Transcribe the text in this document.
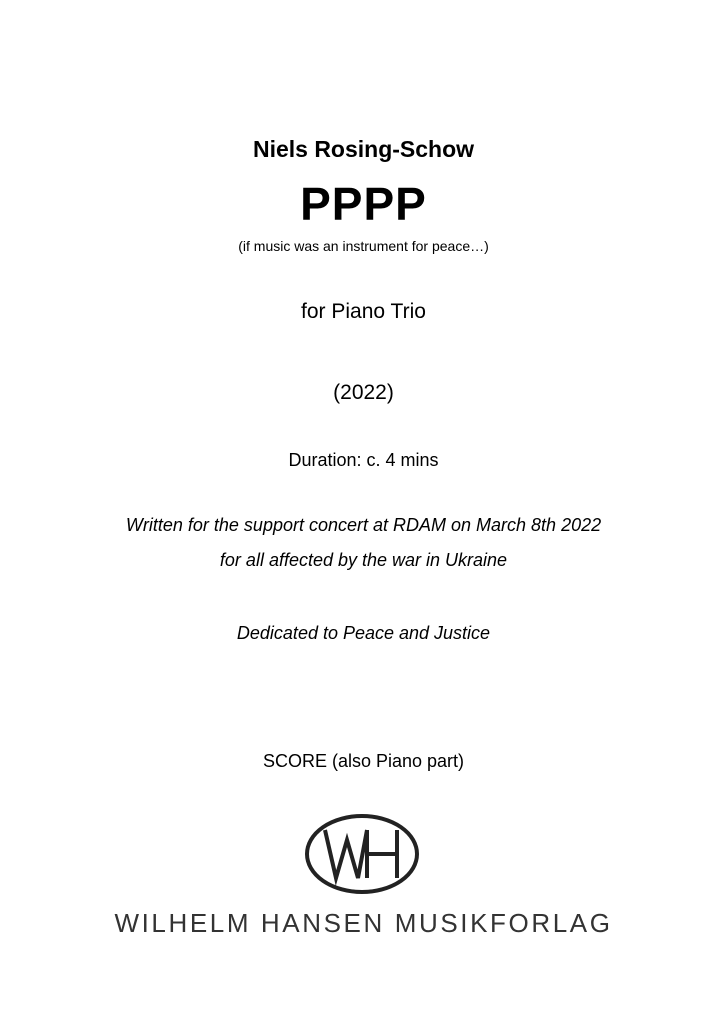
Niels Rosing-Schow
PPPP
(if music was an instrument for peace…)
for Piano Trio
(2022)
Duration: c. 4 mins
Written for the support concert at RDAM on March 8th 2022
for all affected by the war in Ukraine
Dedicated to Peace and Justice
SCORE (also Piano part)
WILHELM HANSEN MUSIKFORLAG
